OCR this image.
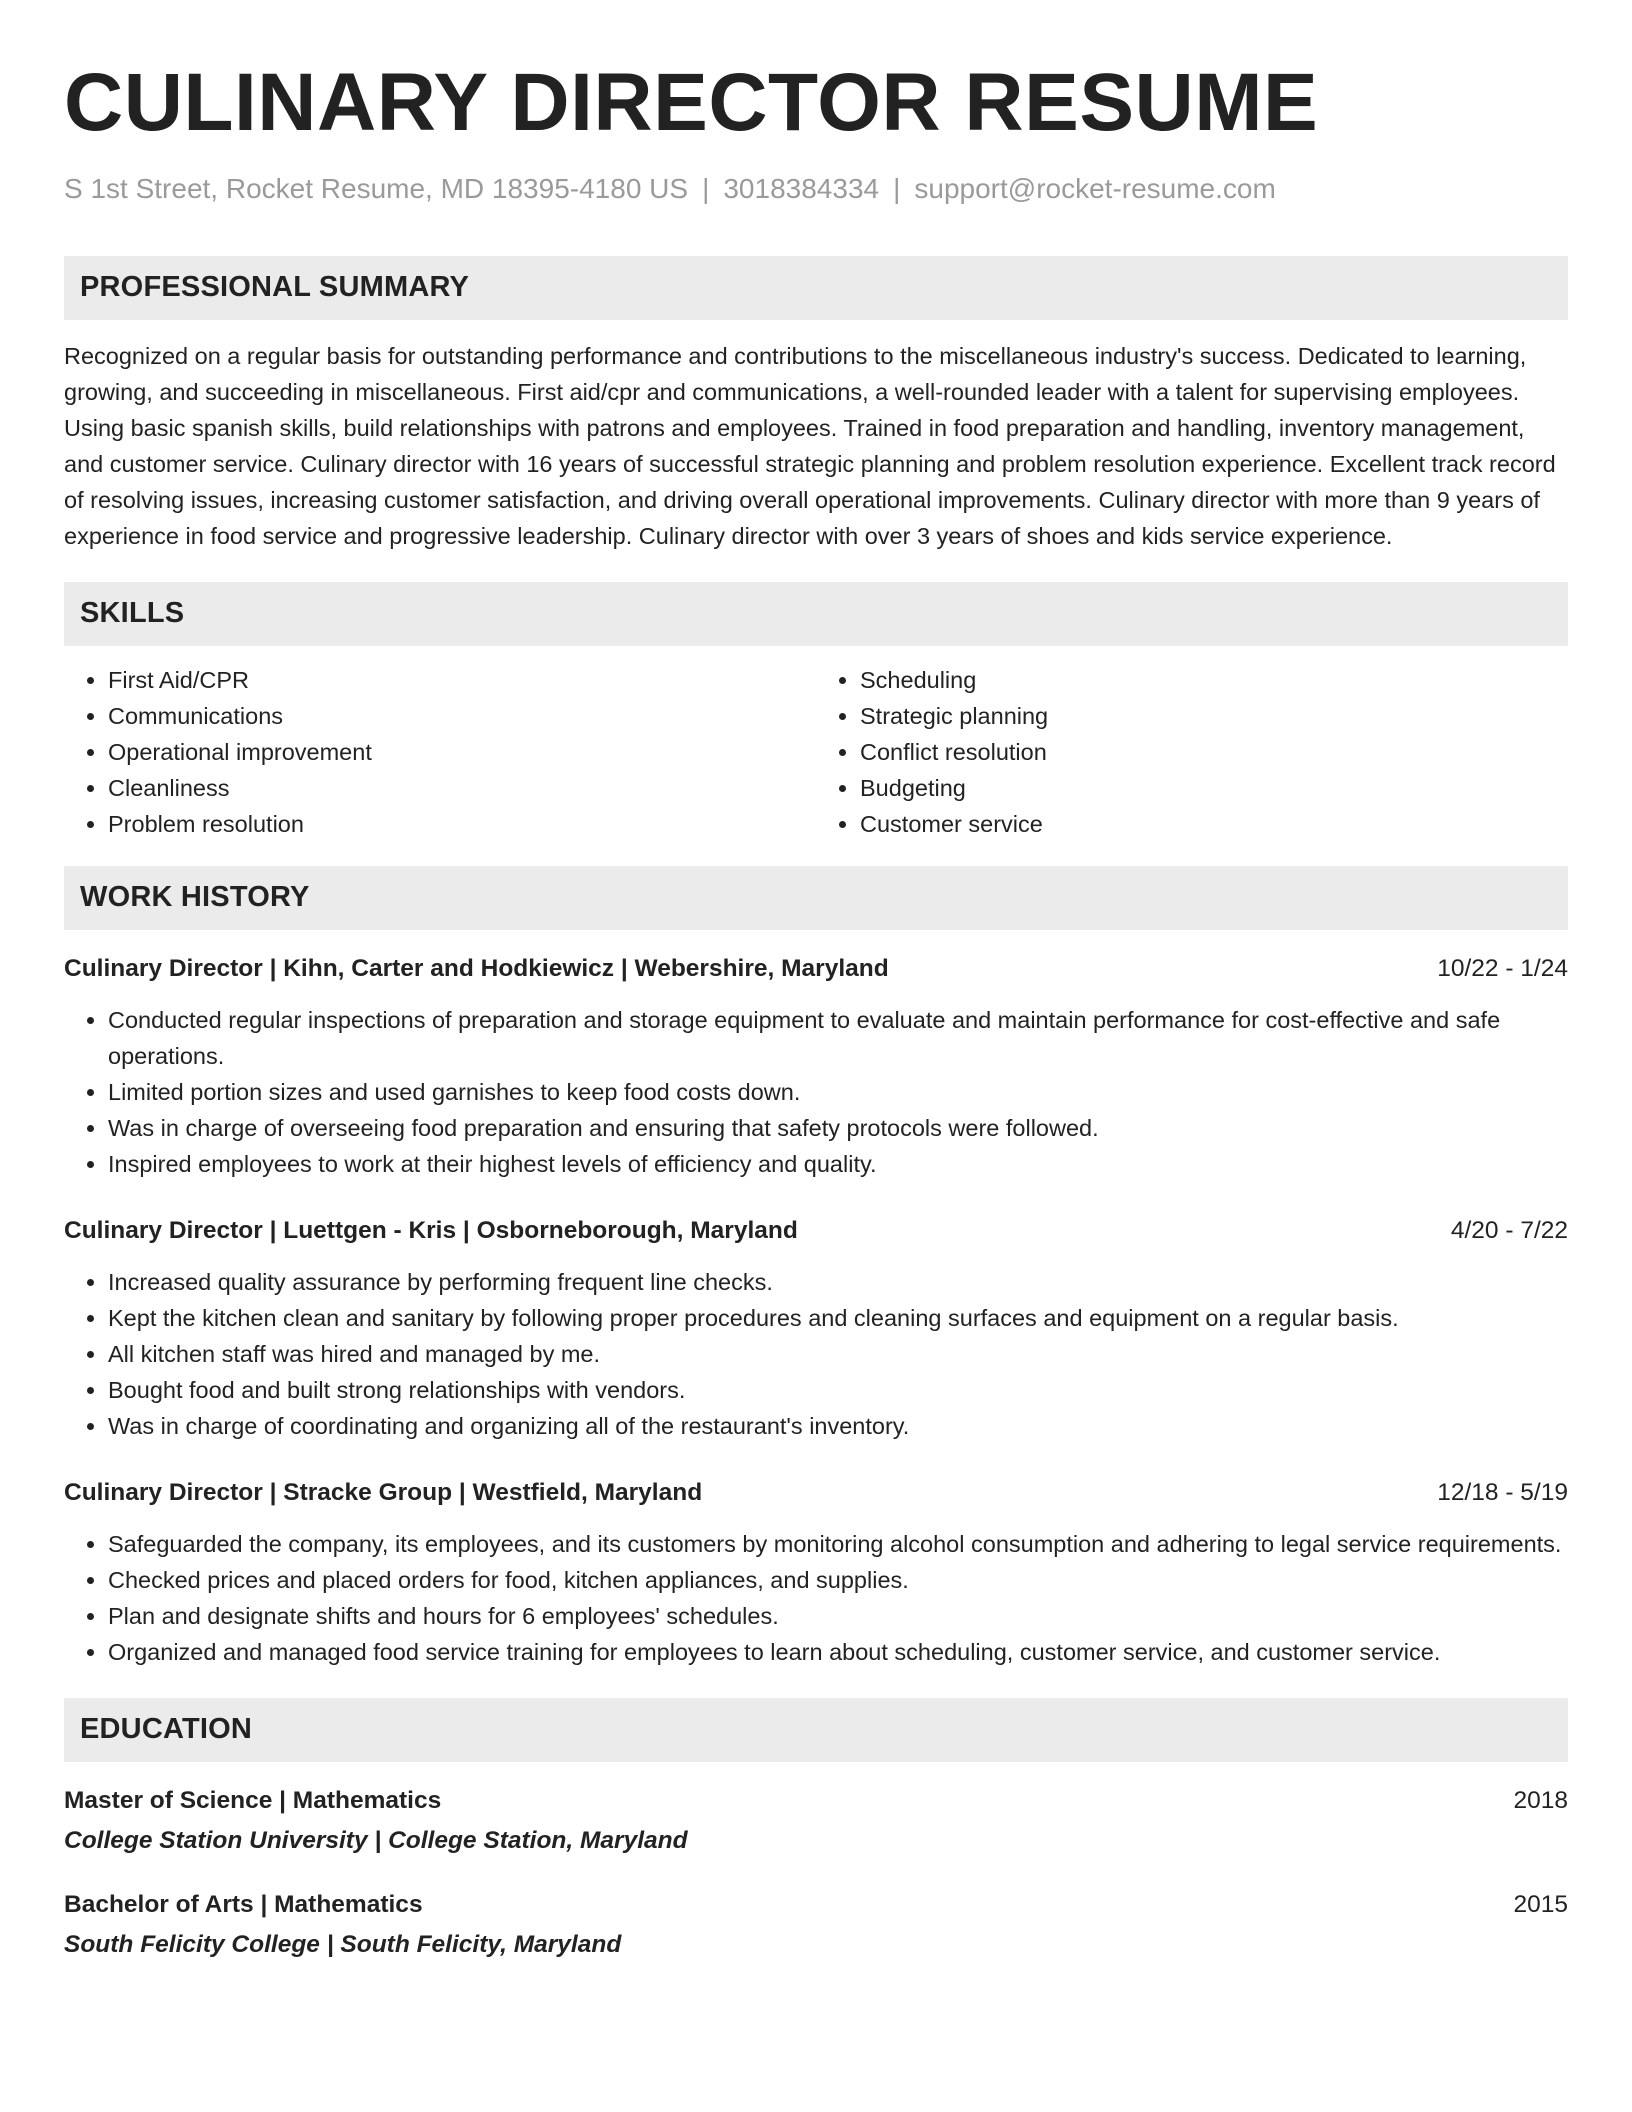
CULINARY DIRECTOR RESUME
S 1st Street, Rocket Resume, MD 18395-4180 US | 3018384334 | support@rocket-resume.com
PROFESSIONAL SUMMARY

Recognized on a regular basis for outstanding performance and contributions to the miscellaneous industry's success. Dedicated to learning, growing, and succeeding in miscellaneous. First aid/cpr and communications, a well-rounded leader with a talent for supervising employees. Using basic spanish skills, build relationships with patrons and employees. Trained in food preparation and handling, inventory management, and customer service. Culinary director with 16 years of successful strategic planning and problem resolution experience. Excellent track record of resolving issues, increasing customer satisfaction, and driving overall operational improvements. Culinary director with more than 9 years of experience in food service and progressive leadership. Culinary director with over 3 years of shoes and kids service experience.

SKILLS
• First Aid/CPR
• Communications
• Operational improvement
• Cleanliness
• Problem resolution
• Scheduling
• Strategic planning
• Conflict resolution
• Budgeting
• Customer service
WORK HISTORY
Culinary Director | Kihn, Carter and Hodkiewicz | Webershire, Maryland	10/22 - 1/24
• Conducted regular inspections of preparation and storage equipment to evaluate and maintain performance for cost-effective and safe operations.
• Limited portion sizes and used garnishes to keep food costs down.
• Was in charge of overseeing food preparation and ensuring that safety protocols were followed.
• Inspired employees to work at their highest levels of efficiency and quality.
Culinary Director | Luettgen - Kris | Osborneborough, Maryland	4/20 - 7/22
• Increased quality assurance by performing frequent line checks.
• Kept the kitchen clean and sanitary by following proper procedures and cleaning surfaces and equipment on a regular basis.
• All kitchen staff was hired and managed by me.
• Bought food and built strong relationships with vendors.
• Was in charge of coordinating and organizing all of the restaurant's inventory.
Culinary Director | Stracke Group | Westfield, Maryland	12/18 - 5/19
• Safeguarded the company, its employees, and its customers by monitoring alcohol consumption and adhering to legal service requirements.
• Checked prices and placed orders for food, kitchen appliances, and supplies.
• Plan and designate shifts and hours for 6 employees' schedules.
• Organized and managed food service training for employees to learn about scheduling, customer service, and customer service.
EDUCATION
Master of Science | Mathematics	2018
College Station University | College Station, Maryland
Bachelor of Arts | Mathematics	2015
South Felicity College | South Felicity, Maryland
